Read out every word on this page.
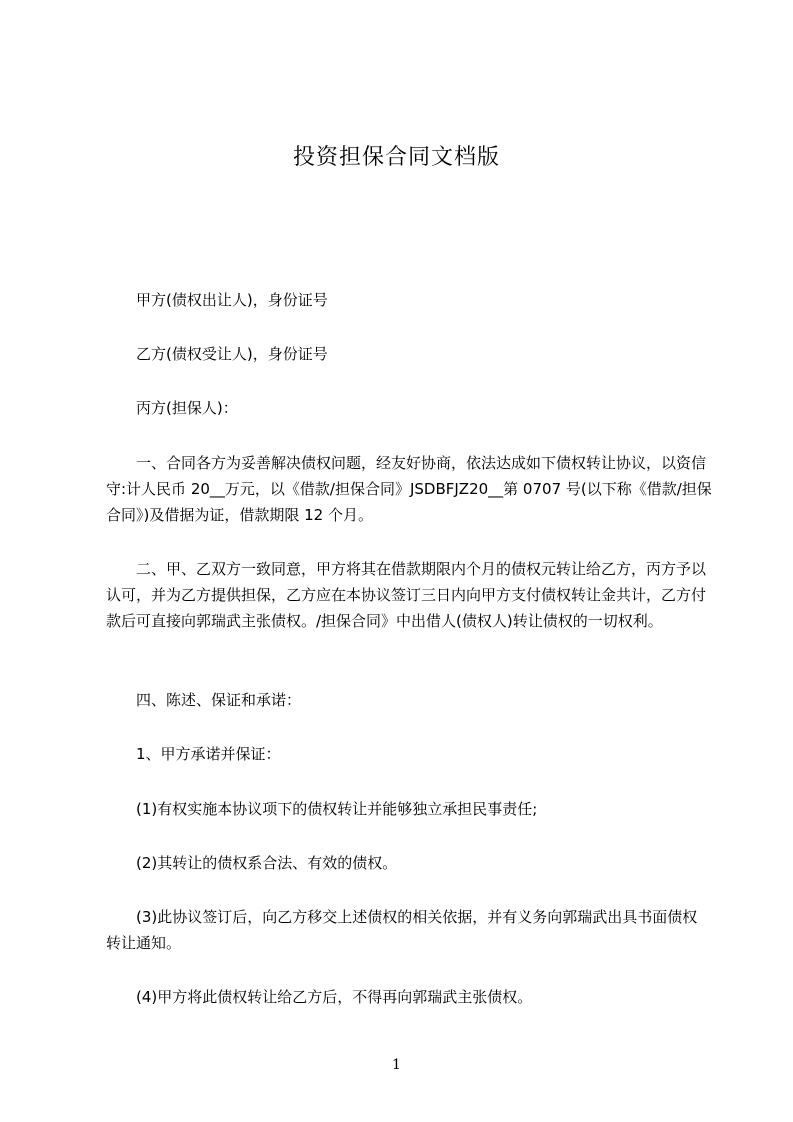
投资担保合同文档版

甲方(债权出让人)，身份证号

乙方(债权受让人)，身份证号

丙方(担保人)：

一、合同各方为妥善解决债权问题，经友好协商，依法达成如下债权转让协议，以资信守:计人民币 20__万元，以《借款/担保合同》JSDBFJZ20__第 0707 号(以下称《借款/担保合同》)及借据为证，借款期限 12 个月。

二、甲、乙双方一致同意，甲方将其在借款期限内个月的债权元转让给乙方，丙方予以认可，并为乙方提供担保，乙方应在本协议签订三日内向甲方支付债权转让金共计，乙方付款后可直接向郭瑞武主张债权。/担保合同》中出借人(债权人)转让债权的一切权利。

四、陈述、保证和承诺：

1、甲方承诺并保证：

(1)有权实施本协议项下的债权转让并能够独立承担民事责任;

(2)其转让的债权系合法、有效的债权。

(3)此协议签订后，向乙方移交上述债权的相关依据，并有义务向郭瑞武出具书面债权转让通知。

(4)甲方将此债权转让给乙方后，不得再向郭瑞武主张债权。

1
